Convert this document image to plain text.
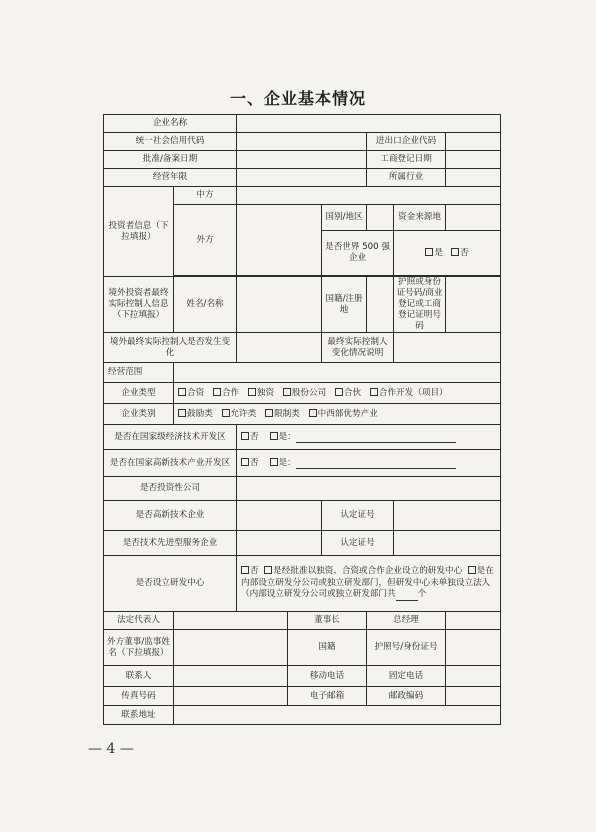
一、企业基本情况
企业名称								
统一社会信用代码					进出口企业代码			
批准/备案日期					工商登记日期			
经营年限					所属行业			
投资者信息（下拉填报）	中方							
	外方			国别/地区		资金来源地		
				是否世界 500 强企业		是 否	

境外投资者最终实际控制人信息（下拉填报）	姓名/名称			国籍/注册地		护照或身份证号码/商业登记或工商登记证明号码		
境外最终实际控制人是否发生变化				最终实际控制人变化情况说明				
经营范围								
企业类型	合资 合作 独资 股份公司 合伙 合作开发（项目）							
企业类别	鼓励类 允许类 限制类 中西部优势产业							
是否在国家级经济技术开发区		否 是：						
是否在国家高新技术产业开发区		否 是：						
是否投资性公司								
是否高新技术企业				认定证号				
是否技术先进型服务企业				认定证号				
是否设立研发中心		否 是经批准以独资、合资或合作企业设立的研发中心 是在内部设立研发分公司或独立研发部门，但研发中心未单独设立法人（内部设立研发分公司或独立研发部门共 个						
法定代表人			董事长		总经理			
外方董事/监事姓名（下拉填报）			国籍		护照号/身份证号			
联系人			移动电话		固定电话			
传真号码			电子邮箱		邮政编码			
联系地址								
— 4 —
